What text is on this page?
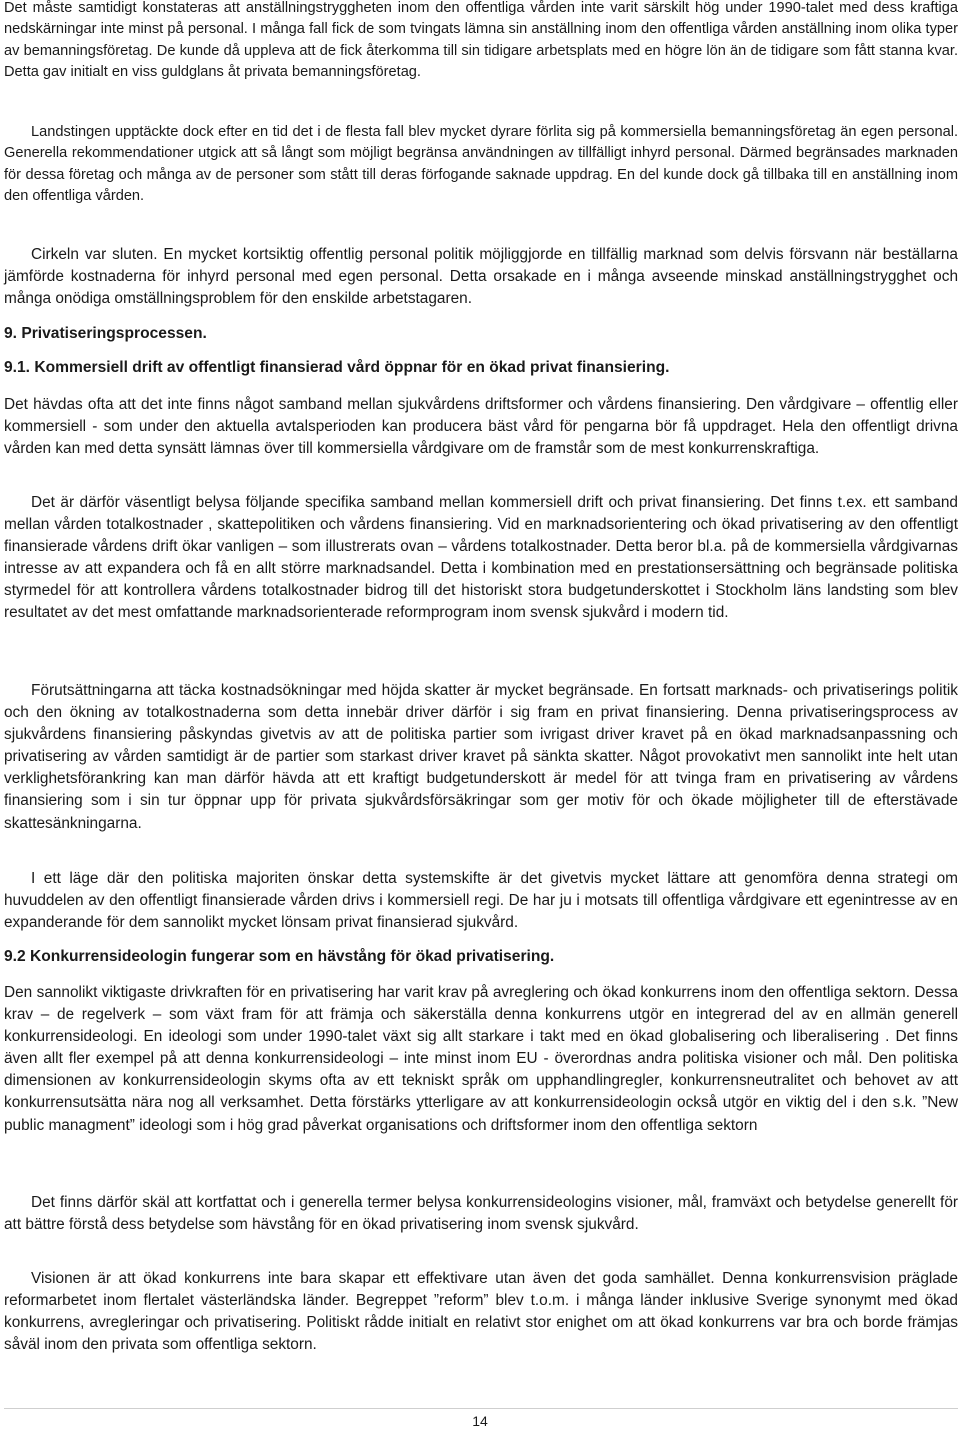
Det måste samtidigt konstateras att anställningstryggheten inom den offentliga vården inte varit särskilt hög under 1990-talet med dess kraftiga nedskärningar inte minst på personal. I många fall fick de som tvingats lämna sin anställning inom den offentliga vården anställning inom olika typer av bemanningsföretag. De kunde då uppleva att de fick återkomma till sin tidigare arbetsplats med en högre lön än de tidigare som fått stanna kvar. Detta gav initialt en viss guldglans åt privata bemanningsföretag.

Landstingen upptäckte dock efter en tid det i de flesta fall blev mycket dyrare förlita sig på kommersiella bemanningsföretag än egen personal. Generella rekommendationer utgick att så långt som möjligt begränsa användningen av tillfälligt inhyrd personal. Därmed begränsades marknaden för dessa företag och många av de personer som stått till deras förfogande saknade uppdrag. En del kunde dock gå tillbaka till en anställning inom den offentliga vården.

Cirkeln var sluten. En mycket kortsiktig offentlig personal politik möjliggjorde en tillfällig marknad som delvis försvann när beställarna jämförde kostnaderna för inhyrd personal med egen personal. Detta orsakade en i många avseende minskad anställningstrygghet och många onödiga omställningsproblem för den enskilde arbetstagaren.

9. Privatiseringsprocessen.
9.1. Kommersiell drift av offentligt finansierad vård öppnar för en ökad privat finansiering.

Det hävdas ofta att det inte finns något samband mellan sjukvårdens driftsformer och vårdens finansiering. Den vårdgivare – offentlig eller kommersiell - som under den aktuella avtalsperioden kan producera bäst vård för pengarna bör få uppdraget. Hela den offentligt drivna vården kan med detta synsätt lämnas över till kommersiella vårdgivare om de framstår som de mest konkurrenskraftiga.

Det är därför väsentligt belysa följande specifika samband mellan kommersiell drift och privat finansiering. Det finns t.ex. ett samband mellan vården totalkostnader , skattepolitiken och vårdens finansiering. Vid en marknadsorientering och ökad privatisering av den offentligt finansierade vårdens drift ökar vanligen – som illustrerats ovan – vårdens totalkostnader. Detta beror bl.a. på de kommersiella vårdgivarnas intresse av att expandera och få en allt större marknadsandel. Detta i kombination med en prestationsersättning och begränsade politiska styrmedel för att kontrollera vårdens totalkostnader bidrog till det historiskt stora budgetunderskottet i Stockholm läns landsting som blev resultatet av det mest omfattande marknadsorienterade reformprogram inom svensk sjukvård i modern tid.

Förutsättningarna att täcka kostnadsökningar med höjda skatter är mycket begränsade. En fortsatt marknads- och privatiserings politik och den ökning av totalkostnaderna som detta innebär driver därför i sig fram en privat finansiering. Denna privatiseringsprocess av sjukvårdens finansiering påskyndas givetvis av att de politiska partier som ivrigast driver kravet på en ökad marknadsanpassning och privatisering av vården samtidigt är de partier som starkast driver kravet på sänkta skatter. Något provokativt men sannolikt inte helt utan verklighetsförankring kan man därför hävda att ett kraftigt budgetunderskott är medel för att tvinga fram en privatisering av vårdens finansiering som i sin tur öppnar upp för privata sjukvårdsförsäkringar som ger motiv för och ökade möjligheter till de efterstävade skattesänkningarna.

I ett läge där den politiska majoriten önskar detta systemskifte är det givetvis mycket lättare att genomföra denna strategi om huvuddelen av den offentligt finansierade vården drivs i kommersiell regi. De har ju i motsats till offentliga vårdgivare ett egenintresse av en expanderande för dem sannolikt mycket lönsam privat finansierad sjukvård.

9.2 Konkurrensideologin fungerar som en hävstång för ökad privatisering.

Den sannolikt viktigaste drivkraften för en privatisering har varit krav på avreglering och ökad konkurrens inom den offentliga sektorn. Dessa krav – de regelverk – som växt fram för att främja och säkerställa denna konkurrens utgör en integrerad del av en allmän generell konkurrensideologi. En ideologi som under 1990-talet växt sig allt starkare i takt med en ökad globalisering och liberalisering . Det finns även allt fler exempel på att denna konkurrensideologi – inte minst inom EU - överordnas andra politiska visioner och mål. Den politiska dimensionen av konkurrensideologin skyms ofta av ett tekniskt språk om upphandlingregler, konkurrensneutralitet och behovet av att konkurrensutsätta nära nog all verksamhet. Detta förstärks ytterligare av att konkurrensideologin också utgör en viktig del i den s.k. ”New public managment” ideologi som i hög grad påverkat organisations och driftsformer inom den offentliga sektorn

Det finns därför skäl att kortfattat och i generella termer belysa konkurrensideologins visioner, mål, framväxt och betydelse generellt för att bättre förstå dess betydelse som hävstång för en ökad privatisering inom svensk sjukvård.

Visionen är att ökad konkurrens inte bara skapar ett effektivare utan även det goda samhället. Denna konkurrensvision präglade reformarbetet inom flertalet västerländska länder. Begreppet ”reform” blev t.o.m. i många länder inklusive Sverige synonymt med ökad konkurrens, avregleringar och privatisering. Politiskt rådde initialt en relativt stor enighet om att ökad konkurrens var bra och borde främjas såväl inom den privata som offentliga sektorn.

14
